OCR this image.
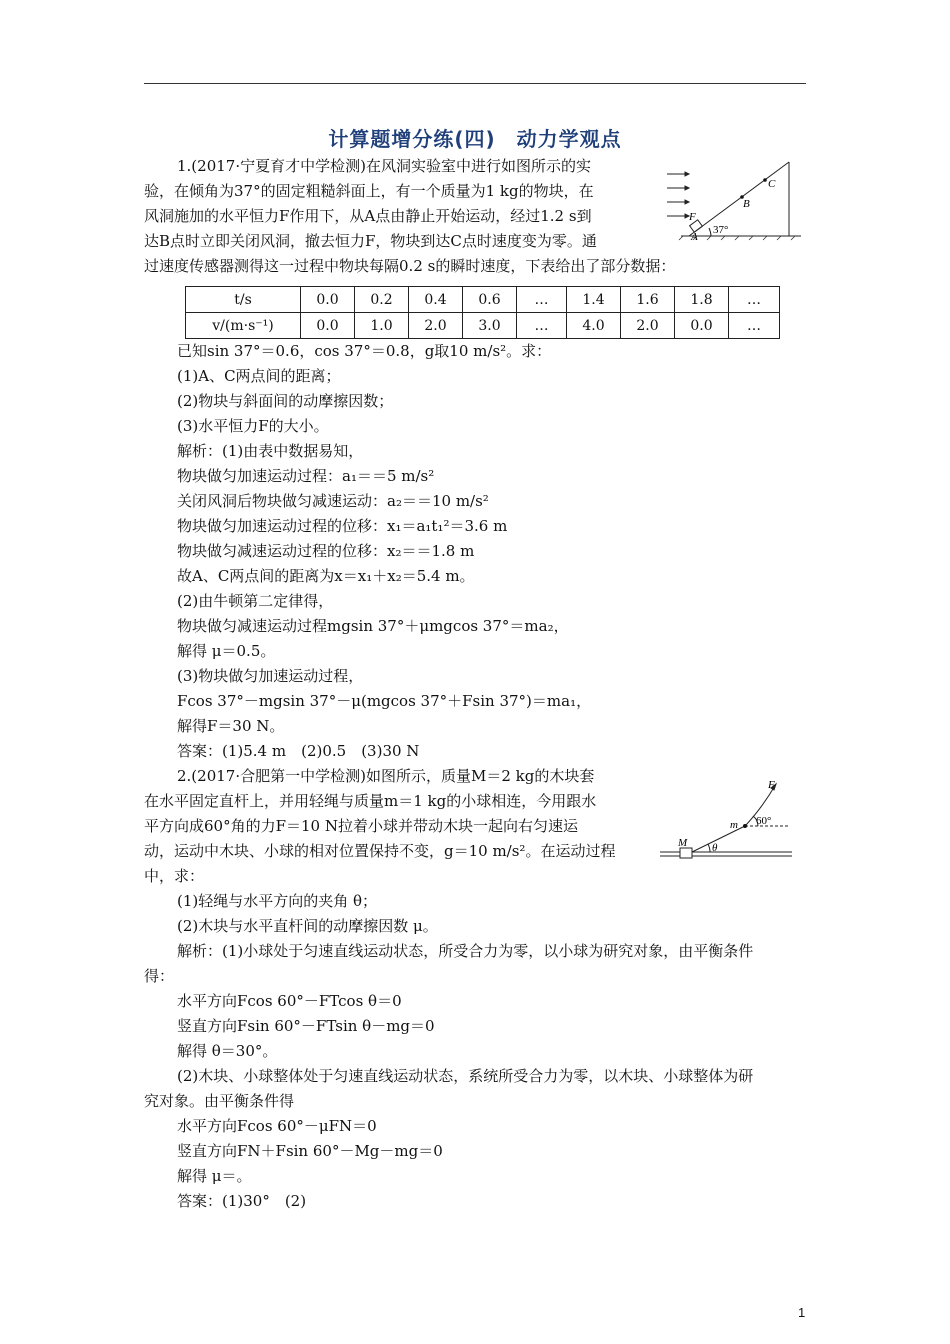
计算题增分练(四)　动力学观点
1.(2017·宁夏育才中学检测)在风洞实验室中进行如图所示的实
验，在倾角为37°的固定粗糙斜面上，有一个质量为1 kg的物块，在
风洞施加的水平恒力F作用下，从A点由静止开始运动，经过1.2 s到
达B点时立即关闭风洞，撤去恒力F，物块到达C点时速度变为零。通
过速度传感器测得这一过程中物块每隔0.2 s的瞬时速度，下表给出了部分数据：
A
B
C
F
37°
t/s	0.0	0.2	0.4	0.6	…	1.4	1.6	1.8	…
v/(m·s⁻¹)	0.0	1.0	2.0	3.0	…	4.0	2.0	0.0	…
已知sin 37°＝0.6，cos 37°＝0.8，g取10 m/s²。求：
(1)A、C两点间的距离；
(2)物块与斜面间的动摩擦因数；
(3)水平恒力F的大小。
解析：(1)由表中数据易知，
物块做匀加速运动过程：a₁＝＝5 m/s²
关闭风洞后物块做匀减速运动：a₂＝＝10 m/s²
物块做匀加速运动过程的位移：x₁＝a₁t₁²＝3.6 m
物块做匀减速运动过程的位移：x₂＝＝1.8 m
故A、C两点间的距离为x＝x₁＋x₂＝5.4 m。
(2)由牛顿第二定律得，
物块做匀减速运动过程mgsin 37°＋μmgcos 37°＝ma₂，
解得 μ＝0.5。
(3)物块做匀加速运动过程，
Fcos 37°－mgsin 37°－μ(mgcos 37°＋Fsin 37°)＝ma₁，
解得F＝30 N。
答案：(1)5.4 m　(2)0.5　(3)30 N
2.(2017·合肥第一中学检测)如图所示，质量M＝2 kg的木块套
在水平固定直杆上，并用轻绳与质量m＝1 kg的小球相连，今用跟水
平方向成60°角的力F＝10 N拉着小球并带动木块一起向右匀速运
动，运动中木块、小球的相对位置保持不变，g＝10 m/s²。在运动过程
中，求：
(1)轻绳与水平方向的夹角 θ；
(2)木块与水平直杆间的动摩擦因数 μ。
解析：(1)小球处于匀速直线运动状态，所受合力为零，以小球为研究对象，由平衡条件
得：
水平方向Fcos 60°－FTcos θ＝0
竖直方向Fsin 60°－FTsin θ－mg＝0
解得 θ＝30°。
(2)木块、小球整体处于匀速直线运动状态，系统所受合力为零，以木块、小球整体为研
究对象。由平衡条件得
水平方向Fcos 60°－μFN＝0
竖直方向FN＋Fsin 60°－Mg－mg＝0
解得 μ＝。
答案：(1)30°　(2)
F
m
M θ
60°
1
